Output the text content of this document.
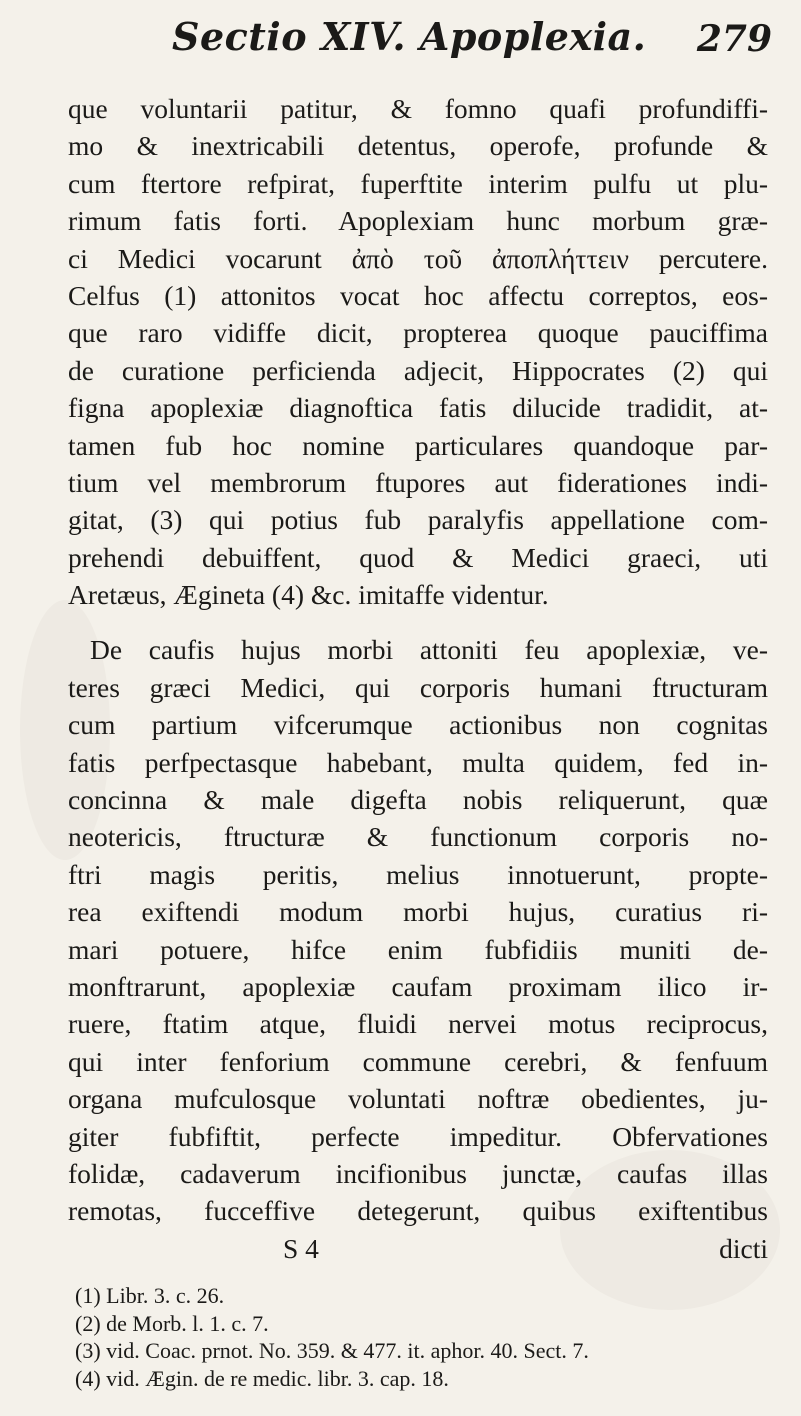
Sectio XIV. Apoplexia. 279
que voluntarii patitur, & fomno quafi profundiffi-
mo & inextricabili detentus, operofe, profunde &
cum ftertore refpirat, fuperftite interim pulfu ut plu-
rimum fatis forti. Apoplexiam hunc morbum græ-
ci Medici vocarunt ἀπὸ τοῦ ἀποπλήττειν percutere.
Celfus (1) attonitos vocat hoc affectu correptos, eos-
que raro vidiffe dicit, propterea quoque pauciffima
de curatione perficienda adjecit, Hippocrates (2) qui
figna apoplexiæ diagnoftica fatis dilucide tradidit, at-
tamen fub hoc nomine particulares quandoque par-
tium vel membrorum ftupores aut fiderationes indi-
gitat, (3) qui potius fub paralyfis appellatione com-
prehendi debuiffent, quod & Medici graeci, uti
Aretæus, Ægineta (4) &c. imitaffe videntur.
De caufis hujus morbi attoniti feu apoplexiæ, ve-
teres græci Medici, qui corporis humani ftructuram
cum partium vifcerumque actionibus non cognitas
fatis perfpectasque habebant, multa quidem, fed in-
concinna & male digefta nobis reliquerunt, quæ
neotericis, ftructuræ & functionum corporis no-
ftri magis peritis, melius innotuerunt, propte-
rea exiftendi modum morbi hujus, curatius ri-
mari potuere, hifce enim fubfidiis muniti de-
monftrarunt, apoplexiæ caufam proximam ilico ir-
ruere, ftatim atque, fluidi nervei motus reciprocus,
qui inter fenforium commune cerebri, & fenfuum
organa mufculosque voluntati noftræ obedientes, ju-
giter fubfiftit, perfecte impeditur. Obfervationes
folidæ, cadaverum incifionibus junctæ, caufas illas
remotas, fucceffive detegerunt, quibus exiftentibus
S 4	dicti
(1) Libr. 3. c. 26.
(2) de Morb. l. 1. c. 7.
(3) vid. Coac. prnot. No. 359. & 477. it. aphor. 40. Sect. 7.
(4) vid. Ægin. de re medic. libr. 3. cap. 18.
